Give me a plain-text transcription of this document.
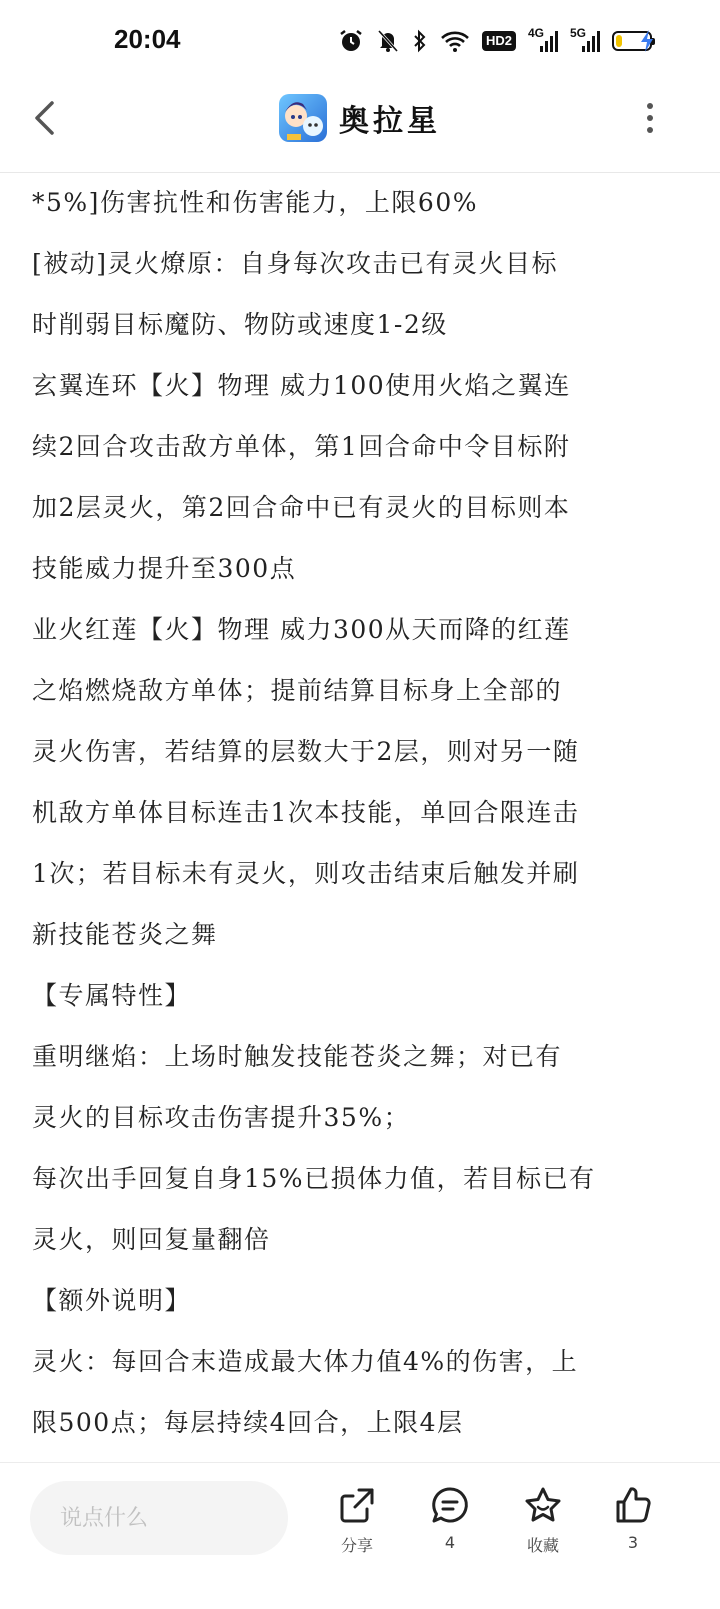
20:04	HD2	4G 5G
奥拉星

*5%]伤害抗性和伤害能力，上限60%

[被动]灵火燎原：自身每次攻击已有灵火目标

时削弱目标魔防、物防或速度1-2级

玄翼连环【火】物理 威力100使用火焰之翼连

续2回合攻击敌方单体，第1回合命中令目标附

加2层灵火，第2回合命中已有灵火的目标则本

技能威力提升至300点

业火红莲【火】物理 威力300从天而降的红莲

之焰燃烧敌方单体；提前结算目标身上全部的

灵火伤害，若结算的层数大于2层，则对另一随

机敌方单体目标连击1次本技能，单回合限连击

1次；若目标未有灵火，则攻击结束后触发并刷

新技能苍炎之舞

【专属特性】

重明继焰：上场时触发技能苍炎之舞；对已有

灵火的目标攻击伤害提升35%；

每次出手回复自身15%已损体力值，若目标已有

灵火，则回复量翻倍

【额外说明】

灵火：每回合末造成最大体力值4%的伤害，上

限500点；每层持续4回合，上限4层

说点什么
分享	4	收藏	3
